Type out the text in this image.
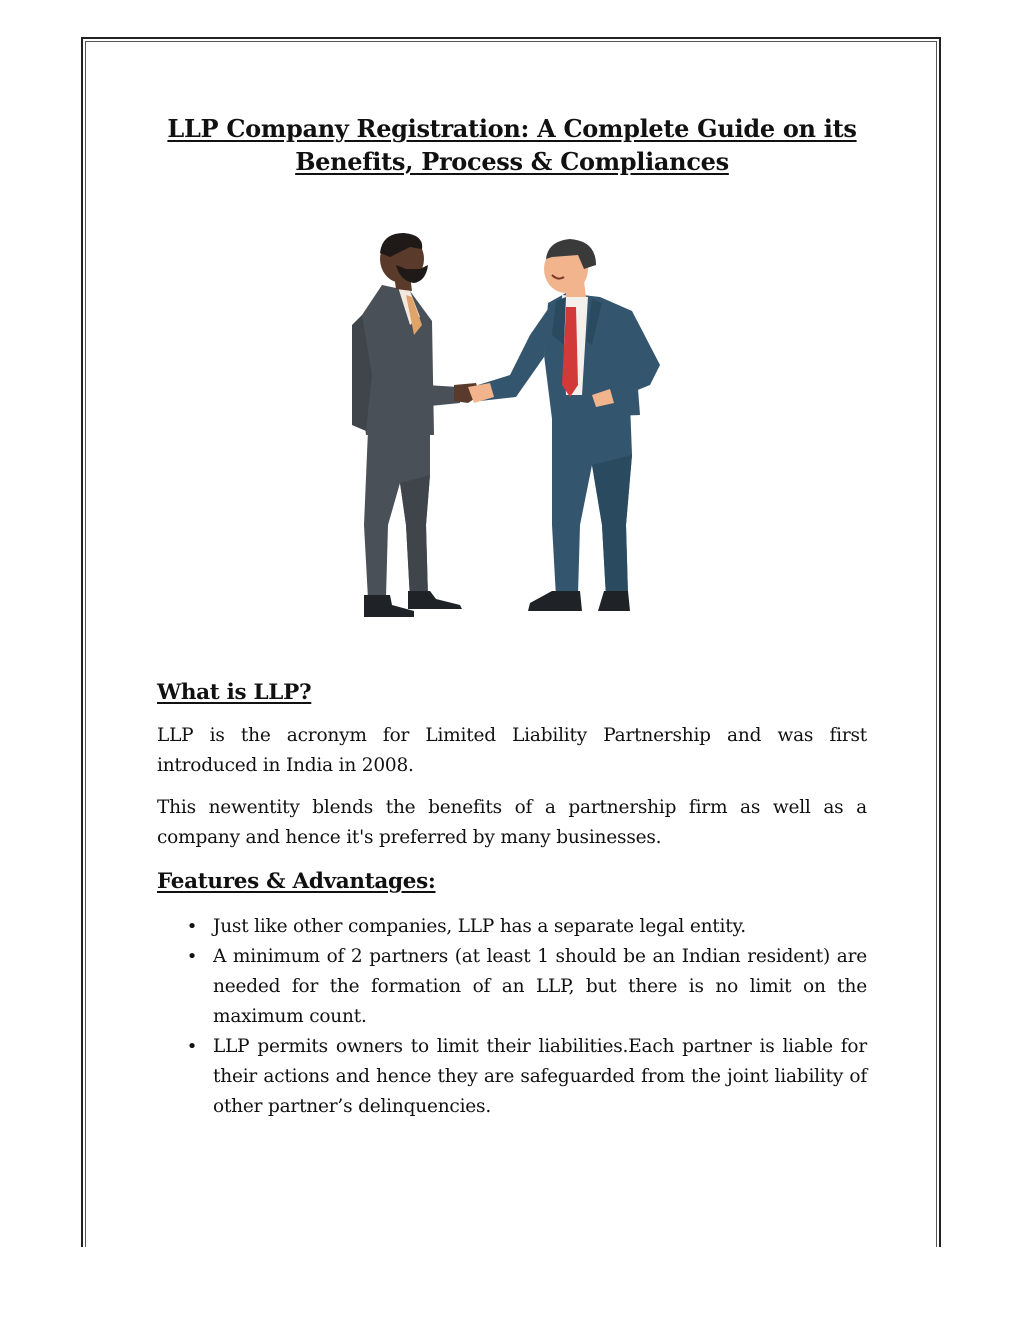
LLP Company Registration: A Complete Guide on its
Benefits, Process & Compliances
What is LLP?

LLP is the acronym for Limited Liability Partnership and was first introduced in India in 2008.

This newentity blends the benefits of a partnership firm as well as a company and hence it's preferred by many businesses.

Features & Advantages:
• Just like other companies, LLP has a separate legal entity.
• A minimum of 2 partners (at least 1 should be an Indian resident) are needed for the formation of an LLP, but there is no limit on the maximum count.
• LLP permits owners to limit their liabilities.Each partner is liable for their actions and hence they are safeguarded from the joint liability of other partner’s delinquencies.
